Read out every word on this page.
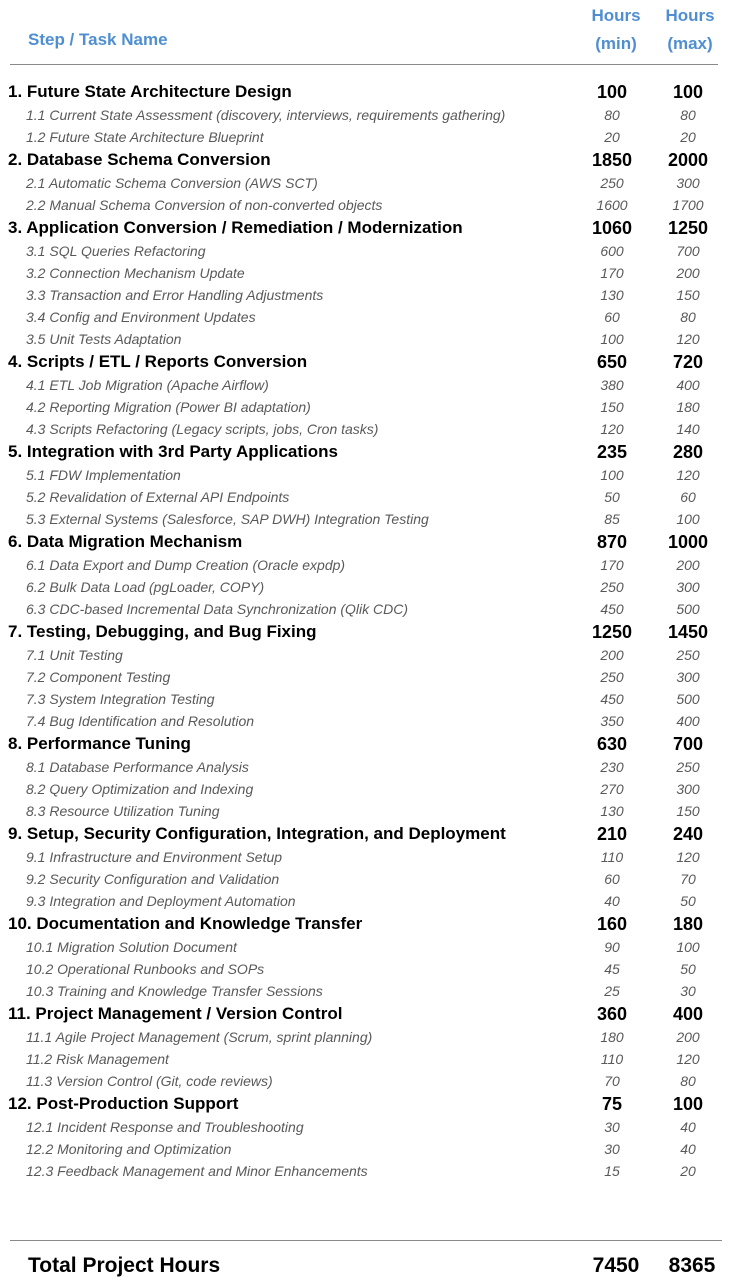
Step / Task Name
Hours
(min)
Hours
(max)
1. Future State Architecture Design	100	100
1.1 Current State Assessment (discovery, interviews, requirements gathering)	80	80
1.2 Future State Architecture Blueprint	20	20
2. Database Schema Conversion	1850	2000
2.1 Automatic Schema Conversion (AWS SCT)	250	300
2.2 Manual Schema Conversion of non-converted objects	1600	1700
3. Application Conversion / Remediation / Modernization	1060	1250
3.1 SQL Queries Refactoring	600	700
3.2 Connection Mechanism Update	170	200
3.3 Transaction and Error Handling Adjustments	130	150
3.4 Config and Environment Updates	60	80
3.5 Unit Tests Adaptation	100	120
4. Scripts / ETL / Reports Conversion	650	720
4.1 ETL Job Migration (Apache Airflow)	380	400
4.2 Reporting Migration (Power BI adaptation)	150	180
4.3 Scripts Refactoring (Legacy scripts, jobs, Cron tasks)	120	140
5. Integration with 3rd Party Applications	235	280
5.1 FDW Implementation	100	120
5.2 Revalidation of External API Endpoints	50	60
5.3 External Systems (Salesforce, SAP DWH) Integration Testing	85	100
6. Data Migration Mechanism	870	1000
6.1 Data Export and Dump Creation (Oracle expdp)	170	200
6.2 Bulk Data Load (pgLoader, COPY)	250	300
6.3 CDC-based Incremental Data Synchronization (Qlik CDC)	450	500
7. Testing, Debugging, and Bug Fixing	1250	1450
7.1 Unit Testing	200	250
7.2 Component Testing	250	300
7.3 System Integration Testing	450	500
7.4 Bug Identification and Resolution	350	400
8. Performance Tuning	630	700
8.1 Database Performance Analysis	230	250
8.2 Query Optimization and Indexing	270	300
8.3 Resource Utilization Tuning	130	150
9. Setup, Security Configuration, Integration, and Deployment	210	240
9.1 Infrastructure and Environment Setup	110	120
9.2 Security Configuration and Validation	60	70
9.3 Integration and Deployment Automation	40	50
10. Documentation and Knowledge Transfer	160	180
10.1 Migration Solution Document	90	100
10.2 Operational Runbooks and SOPs	45	50
10.3 Training and Knowledge Transfer Sessions	25	30
11. Project Management / Version Control	360	400
11.1 Agile Project Management (Scrum, sprint planning)	180	200
11.2 Risk Management	110	120
11.3 Version Control (Git, code reviews)	70	80
12. Post-Production Support	75	100
12.1 Incident Response and Troubleshooting	30	40
12.2 Monitoring and Optimization	30	40
12.3 Feedback Management and Minor Enhancements	15	20
Total Project Hours	7450	8365
